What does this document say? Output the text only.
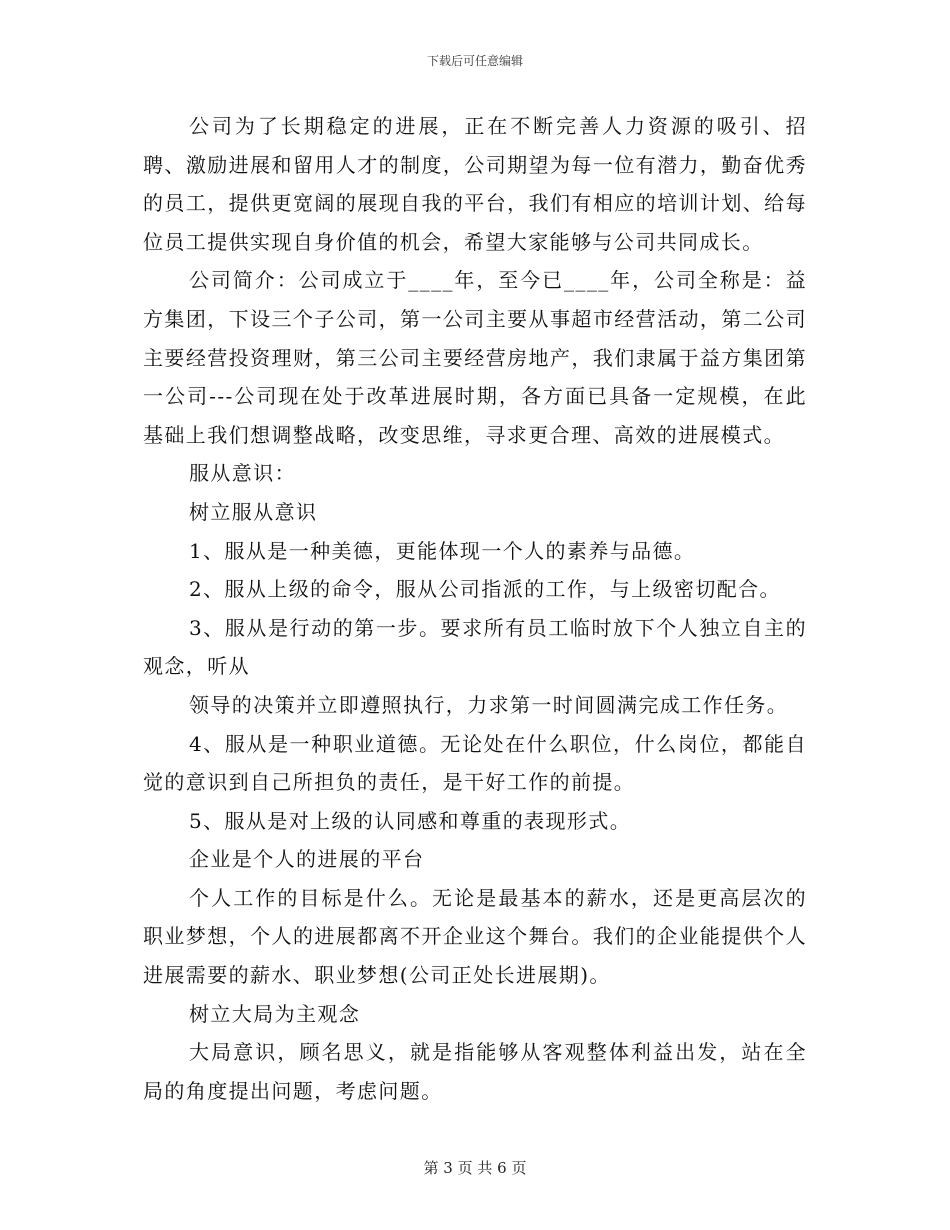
下载后可任意编辑

公司为了长期稳定的进展，正在不断完善人力资源的吸引、招聘、激励进展和留用人才的制度，公司期望为每一位有潜力，勤奋优秀的员工，提供更宽阔的展现自我的平台，我们有相应的培训计划、给每位员工提供实现自身价值的机会，希望大家能够与公司共同成长。

公司简介：公司成立于____年，至今已____年，公司全称是：益方集团，下设三个子公司，第一公司主要从事超市经营活动，第二公司主要经营投资理财，第三公司主要经营房地产，我们隶属于益方集团第一公司---公司现在处于改革进展时期，各方面已具备一定规模，在此基础上我们想调整战略，改变思维，寻求更合理、高效的进展模式。

服从意识：

树立服从意识

1、服从是一种美德，更能体现一个人的素养与品德。

2、服从上级的命令，服从公司指派的工作，与上级密切配合。

3、服从是行动的第一步。要求所有员工临时放下个人独立自主的观念，听从

领导的决策并立即遵照执行，力求第一时间圆满完成工作任务。

4、服从是一种职业道德。无论处在什么职位，什么岗位，都能自觉的意识到自己所担负的责任，是干好工作的前提。

5、服从是对上级的认同感和尊重的表现形式。

企业是个人的进展的平台

个人工作的目标是什么。无论是最基本的薪水，还是更高层次的职业梦想，个人的进展都离不开企业这个舞台。我们的企业能提供个人进展需要的薪水、职业梦想(公司正处长进展期)。

树立大局为主观念

大局意识，顾名思义，就是指能够从客观整体利益出发，站在全局的角度提出问题，考虑问题。

第 3 页 共 6 页
